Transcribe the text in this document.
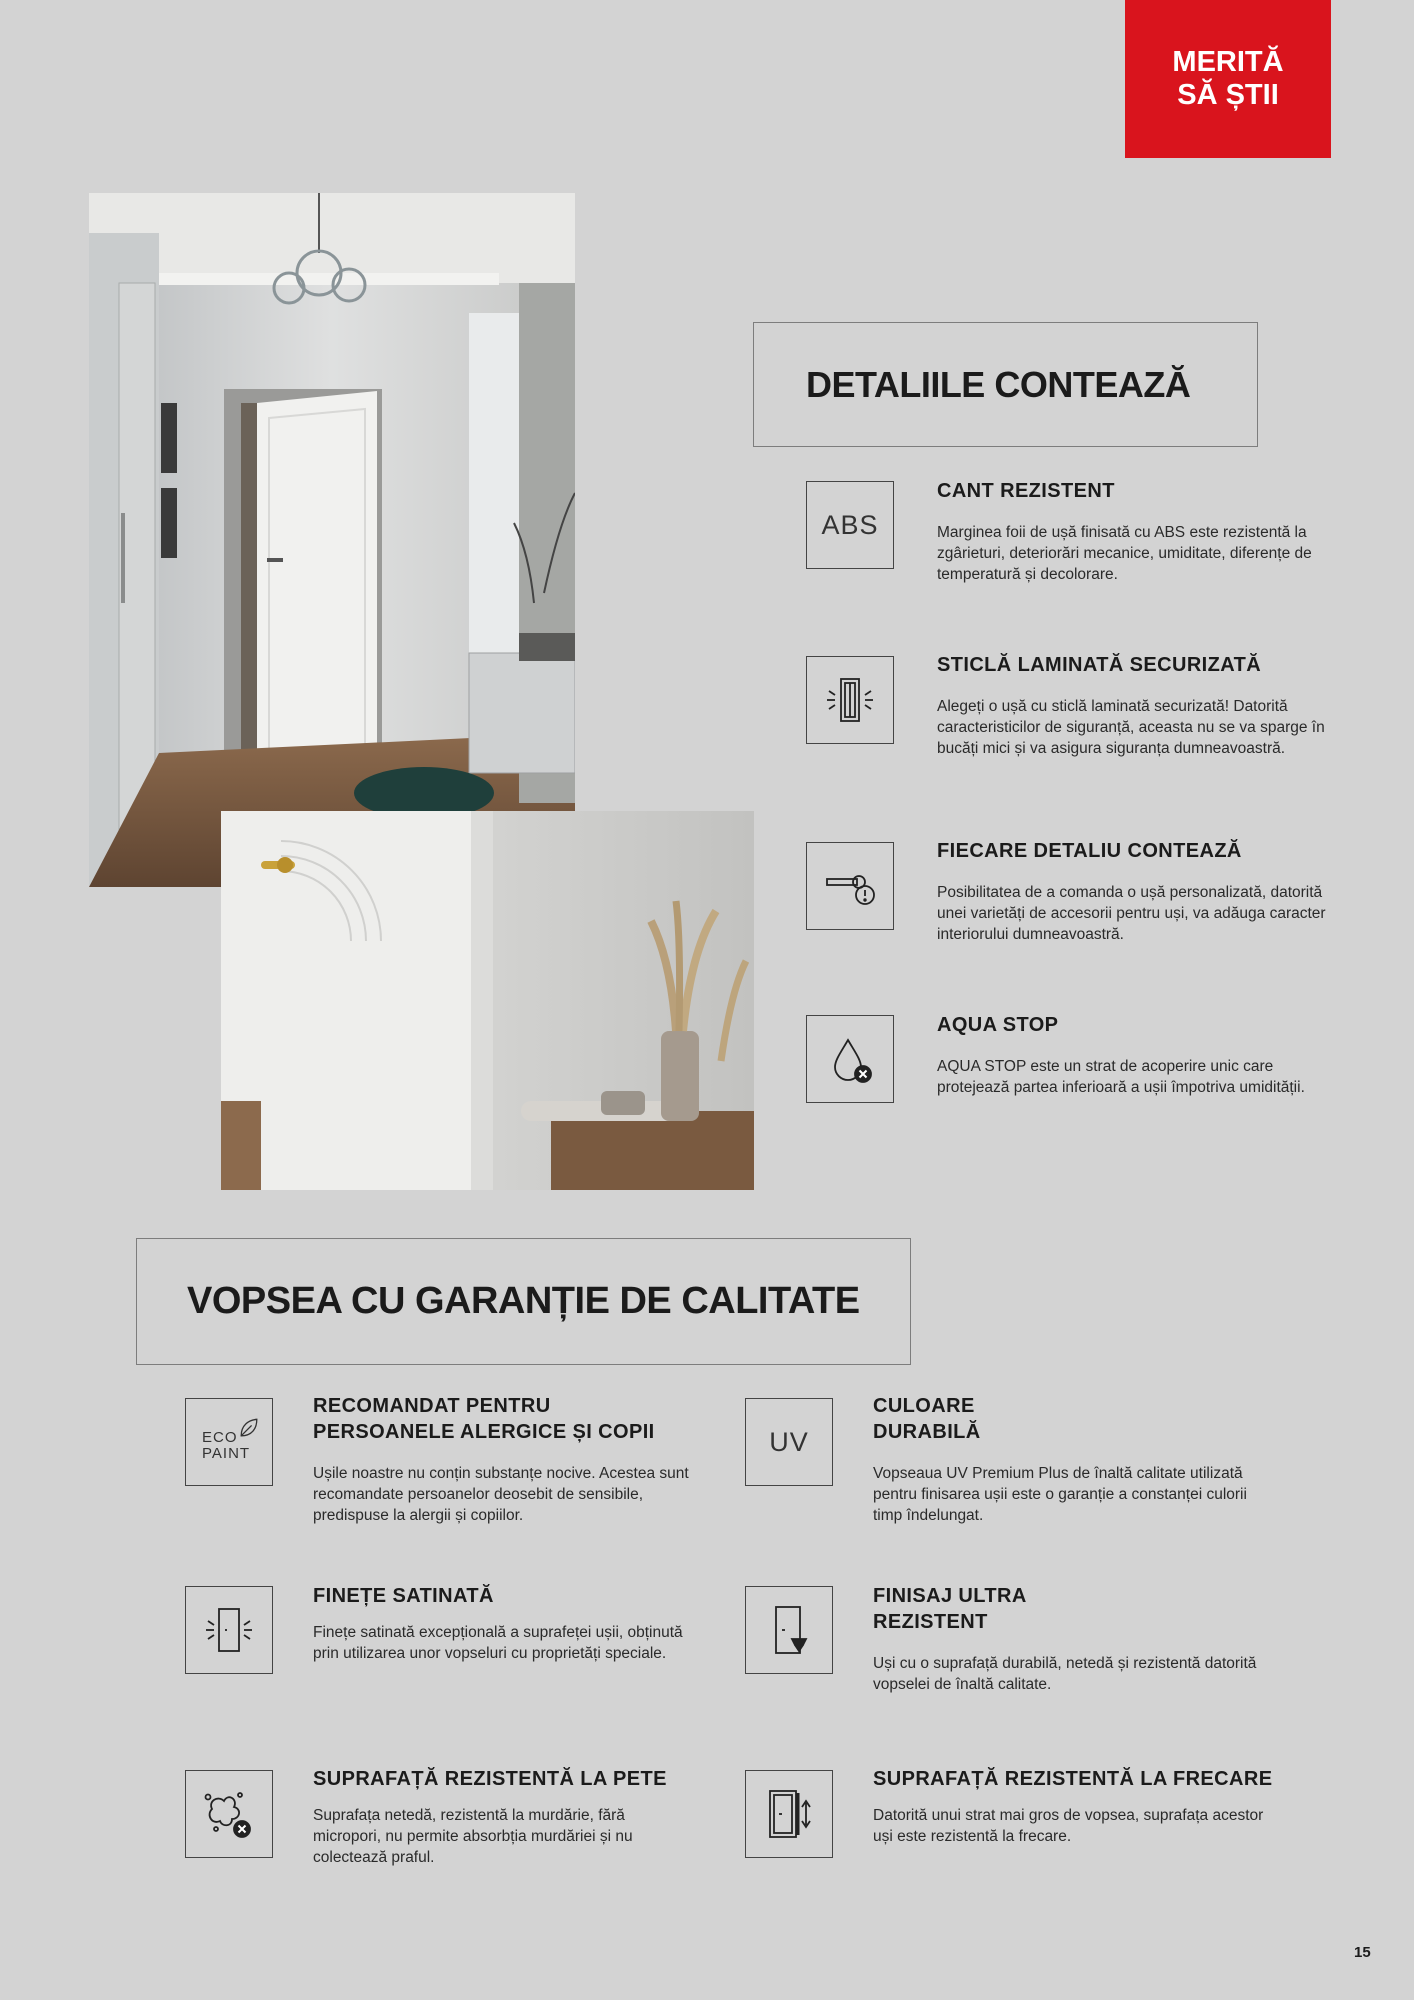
MERITĂ
SĂ ȘTII
DETALIILE CONTEAZĂ
ABS
CANT REZISTENT
Marginea foii de ușă finisată cu ABS este rezistentă la zgârieturi, deteriorări mecanice, umiditate, diferențe de temperatură și decolorare.
STICLĂ LAMINATĂ SECURIZATĂ
Alegeți o ușă cu sticlă laminată securizată! Datorită caracteristicilor de siguranță, aceasta nu se va sparge în bucăți mici și va asigura siguranța dumneavoastră.
FIECARE DETALIU CONTEAZĂ
Posibilitatea de a comanda o ușă personalizată, datorită unei varietăți de accesorii pentru uși, va adăuga caracter interiorului dumneavoastră.
AQUA STOP
AQUA STOP este un strat de acoperire unic care protejează partea inferioară a ușii împotriva umidității.
VOPSEA CU GARANȚIE DE CALITATE
ECO
PAINT
RECOMANDAT PENTRU
PERSOANELE ALERGICE ȘI COPII
Ușile noastre nu conțin substanțe nocive. Acestea sunt recomandate persoanelor deosebit de sensibile, predispuse la alergii și copiilor.
UV
CULOARE
DURABILĂ
Vopseaua UV Premium Plus de înaltă calitate utilizată pentru finisarea ușii este o garanție a constanței culorii timp îndelungat.
FINEȚE SATINATĂ
Finețe satinată excepțională a suprafeței ușii, obținută prin utilizarea unor vopseluri cu proprietăți speciale.
FINISAJ ULTRA
REZISTENT
Uși cu o suprafață durabilă, netedă și rezistentă datorită vopselei de înaltă calitate.
SUPRAFAȚĂ REZISTENTĂ LA PETE
Suprafața netedă, rezistentă la murdărie, fără micropori, nu permite absorbția murdăriei și nu colectează praful.
SUPRAFAȚĂ REZISTENTĂ LA FRECARE
Datorită unui strat mai gros de vopsea, suprafața acestor uși este rezistentă la frecare.
15
